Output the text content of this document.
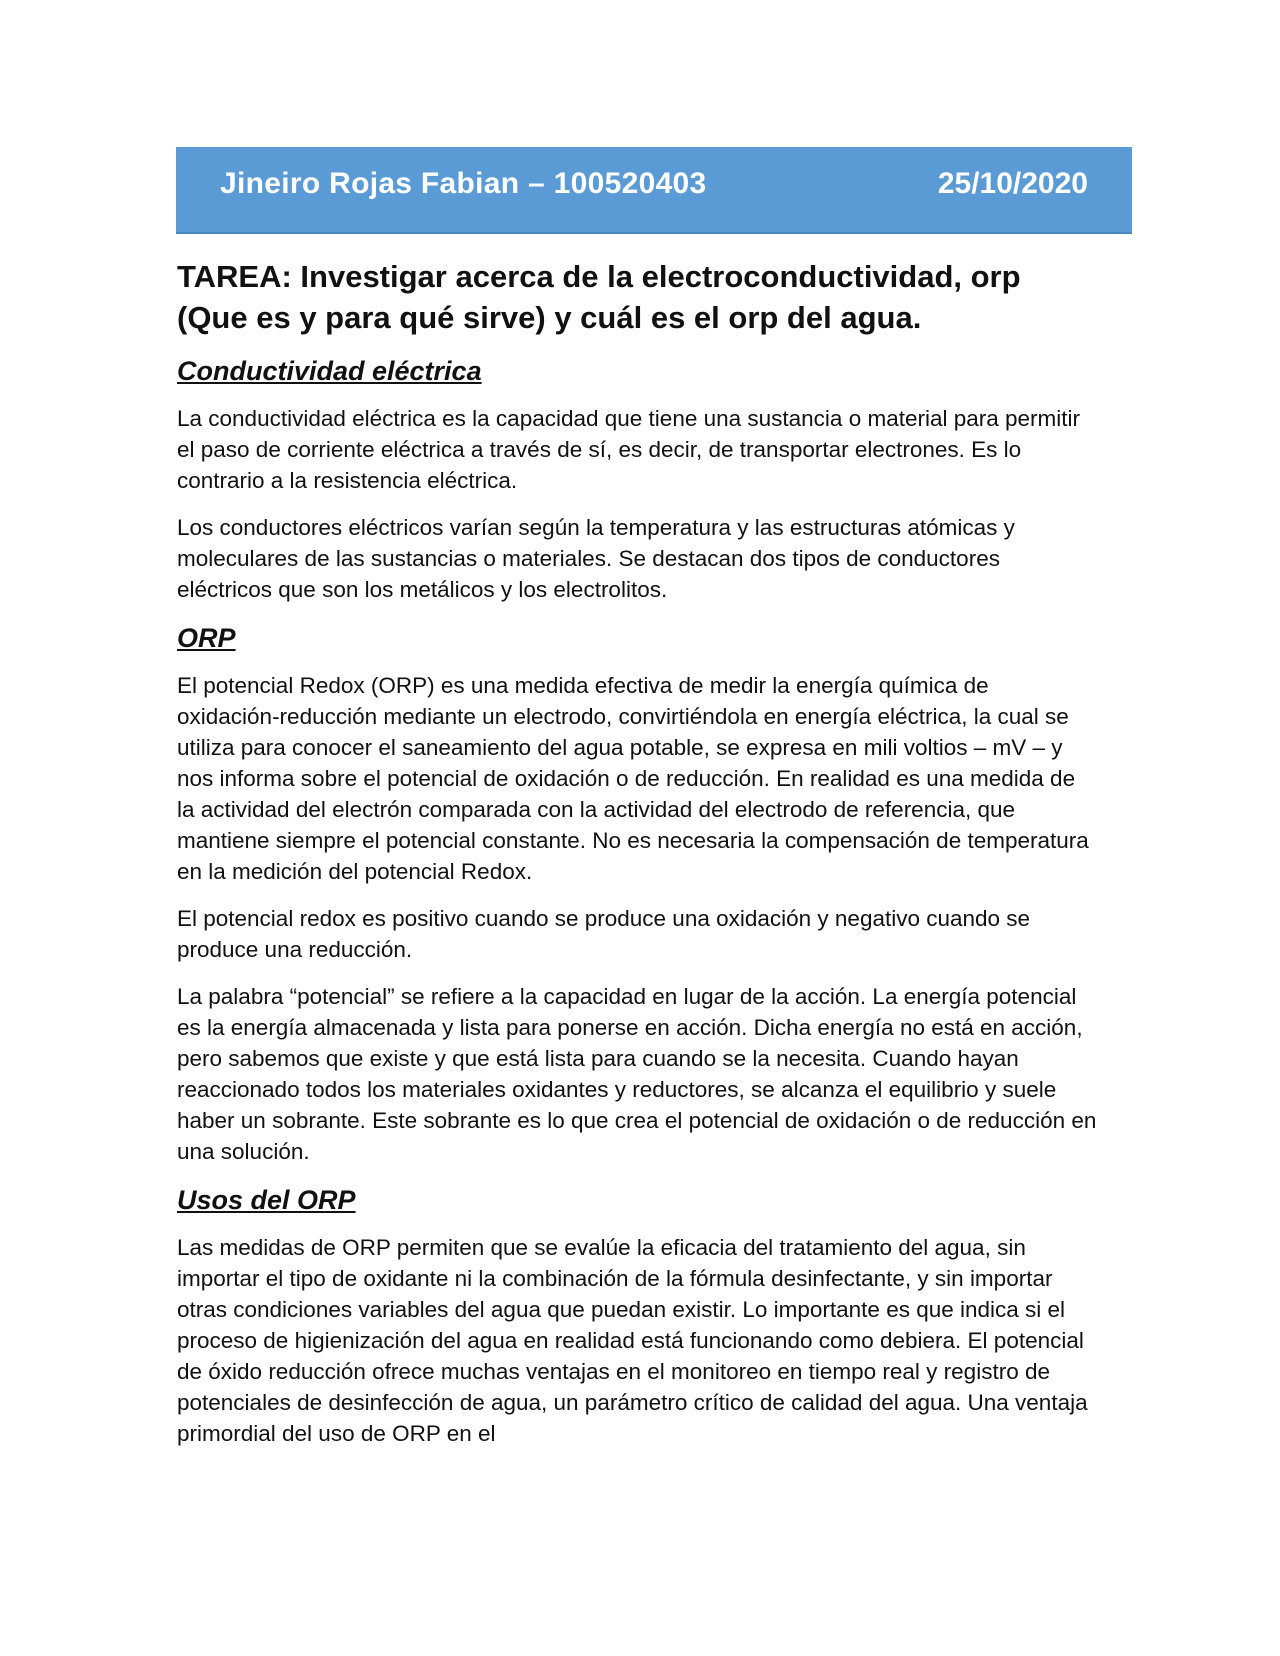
Jineiro Rojas Fabian – 100520403	25/10/2020
TAREA: Investigar acerca de la electroconductividad, orp (Que es y para qué sirve) y cuál es el orp del agua.
Conductividad eléctrica

La conductividad eléctrica es la capacidad que tiene una sustancia o material para permitir el paso de corriente eléctrica a través de sí, es decir, de transportar electrones. Es lo contrario a la resistencia eléctrica.

Los conductores eléctricos varían según la temperatura y las estructuras atómicas y moleculares de las sustancias o materiales. Se destacan dos tipos de conductores eléctricos que son los metálicos y los electrolitos.

ORP

El potencial Redox (ORP) es una medida efectiva de medir la energía química de oxidación-reducción mediante un electrodo, convirtiéndola en energía eléctrica, la cual se utiliza para conocer el saneamiento del agua potable, se expresa en mili voltios – mV – y nos informa sobre el potencial de oxidación o de reducción. En realidad es una medida de la actividad del electrón comparada con la actividad del electrodo de referencia, que mantiene siempre el potencial constante. No es necesaria la compensación de temperatura en la medición del potencial Redox.

El potencial redox es positivo cuando se produce una oxidación y negativo cuando se produce una reducción.

La palabra “potencial” se refiere a la capacidad en lugar de la acción. La energía potencial es la energía almacenada y lista para ponerse en acción. Dicha energía no está en acción, pero sabemos que existe y que está lista para cuando se la necesita. Cuando hayan reaccionado todos los materiales oxidantes y reductores, se alcanza el equilibrio y suele haber un sobrante. Este sobrante es lo que crea el potencial de oxidación o de reducción en una solución.

Usos del ORP

Las medidas de ORP permiten que se evalúe la eficacia del tratamiento del agua, sin importar el tipo de oxidante ni la combinación de la fórmula desinfectante, y sin importar otras condiciones variables del agua que puedan existir. Lo importante es que indica si el proceso de higienización del agua en realidad está funcionando como debiera. El potencial de óxido reducción ofrece muchas ventajas en el monitoreo en tiempo real y registro de potenciales de desinfección de agua, un parámetro crítico de calidad del agua. Una ventaja primordial del uso de ORP en el
